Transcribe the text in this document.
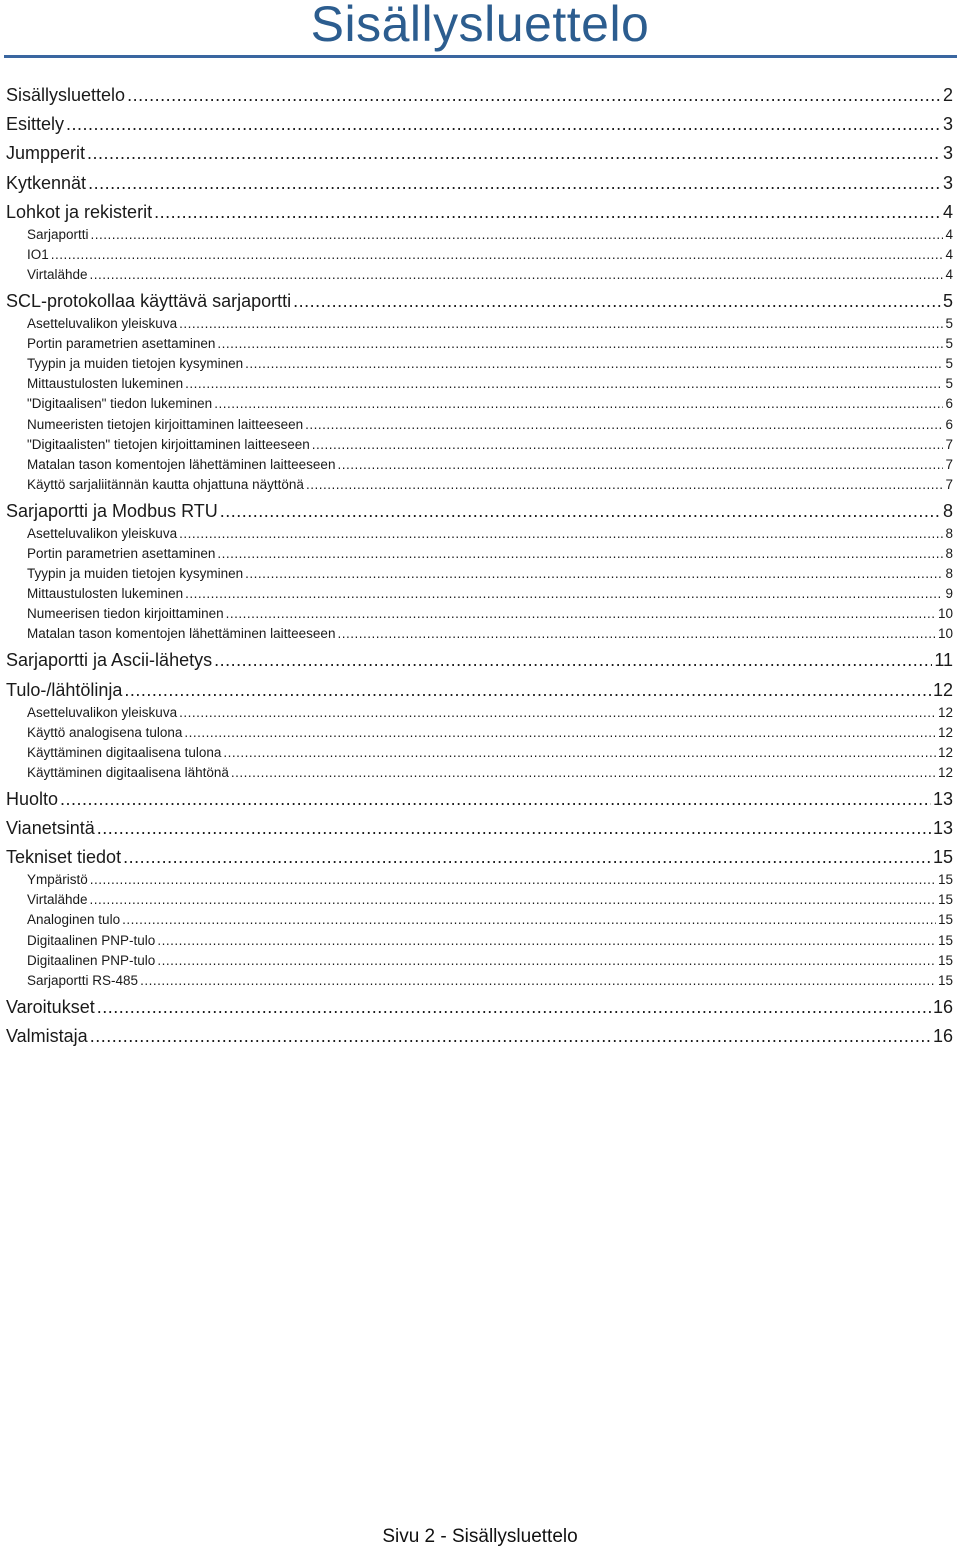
Sisällysluettelo
Sisällysluettelo .....	2
Esittely .....	3
Jumpperit .....	3
Kytkennät .....	3
Lohkot ja rekisterit .....	4
Sarjaportti .....	4
IO1 .....	4
Virtalähde .....	4
SCL-protokollaa käyttävä sarjaportti .....	5
Asetteluvalikon yleiskuva .....	5
Portin parametrien asettaminen .....	5
Tyypin ja muiden tietojen kysyminen .....	5
Mittaustulosten lukeminen .....	5
"Digitaalisen" tiedon lukeminen .....	6
Numeeristen tietojen kirjoittaminen laitteeseen .....	6
"Digitaalisten" tietojen kirjoittaminen laitteeseen .....	7
Matalan tason komentojen lähettäminen laitteeseen .....	7
Käyttö sarjaliitännän kautta ohjattuna näyttönä .....	7
Sarjaportti ja Modbus RTU .....	8
Asetteluvalikon yleiskuva .....	8
Portin parametrien asettaminen .....	8
Tyypin ja muiden tietojen kysyminen .....	8
Mittaustulosten lukeminen .....	9
Numeerisen tiedon kirjoittaminen .....	10
Matalan tason komentojen lähettäminen laitteeseen .....	10
Sarjaportti ja Ascii-lähetys .....	11
Tulo-/lähtölinja .....	12
Asetteluvalikon yleiskuva .....	12
Käyttö analogisena tulona .....	12
Käyttäminen digitaalisena tulona .....	12
Käyttäminen digitaalisena lähtönä .....	12
Huolto .....	13
Vianetsintä .....	13
Tekniset tiedot .....	15
Ympäristö .....	15
Virtalähde .....	15
Analoginen tulo .....	15
Digitaalinen PNP-tulo .....	15
Digitaalinen PNP-tulo .....	15
Sarjaportti RS-485 .....	15
Varoitukset .....	16
Valmistaja .....	16
Sivu 2 - Sisällysluettelo
